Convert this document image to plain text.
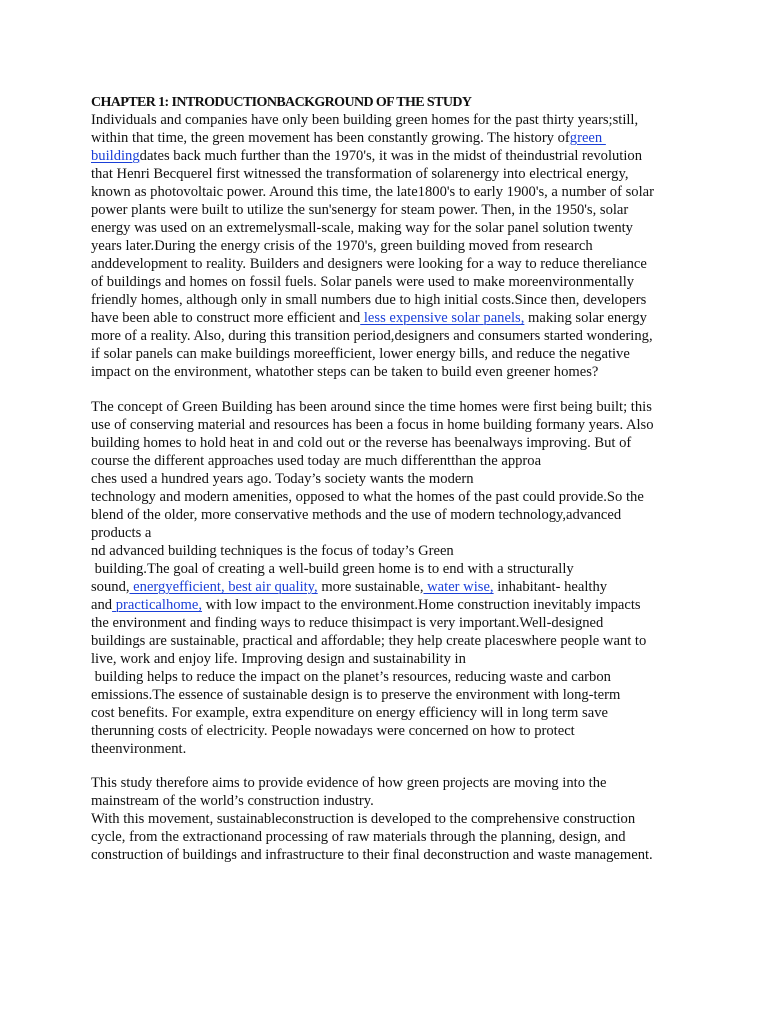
CHAPTER 1: INTRODUCTIONBACKGROUND OF THE STUDY
Individuals and companies have only been building green homes for the past thirty years;still,
within that time, the green movement has been constantly growing. The history ofgreen
buildingdates back much further than the 1970's, it was in the midst of theindustrial revolution
that Henri Becquerel first witnessed the transformation of solarenergy into electrical energy,
known as photovoltaic power. Around this time, the late1800's to early 1900's, a number of solar
power plants were built to utilize the sun'senergy for steam power. Then, in the 1950's, solar
energy was used on an extremelysmall-scale, making way for the solar panel solution twenty
years later.During the energy crisis of the 1970's, green building moved from research
anddevelopment to reality. Builders and designers were looking for a way to reduce thereliance
of buildings and homes on fossil fuels. Solar panels were used to make moreenvironmentally
friendly homes, although only in small numbers due to high initial costs.Since then, developers
have been able to construct more efficient and less expensive solar panels, making solar energy
more of a reality. Also, during this transition period,designers and consumers started wondering,
if solar panels can make buildings moreefficient, lower energy bills, and reduce the negative
impact on the environment, whatother steps can be taken to build even greener homes?
The concept of Green Building has been around since the time homes were first being built; this
use of conserving material and resources has been a focus in home building formany years. Also
building homes to hold heat in and cold out or the reverse has beenalways improving. But of
course the different approaches used today are much differentthan the approa
ches used a hundred years ago. Today’s society wants the modern
technology and modern amenities, opposed to what the homes of the past could provide.So the
blend of the older, more conservative methods and the use of modern technology,advanced
products a
nd advanced building techniques is the focus of today’s Green
building.The goal of creating a well-build green home is to end with a structurally
sound, energyefficient, best air quality, more sustainable, water wise, inhabitant- healthy
and practicalhome, with low impact to the environment.Home construction inevitably impacts
the environment and finding ways to reduce thisimpact is very important.Well-designed
buildings are sustainable, practical and affordable; they help create placeswhere people want to
live, work and enjoy life. Improving design and sustainability in
building helps to reduce the impact on the planet’s resources, reducing waste and carbon
emissions.The essence of sustainable design is to preserve the environment with long-term
cost benefits. For example, extra expenditure on energy efficiency will in long term save
therunning costs of electricity. People nowadays were concerned on how to protect
theenvironment.
This study therefore aims to provide evidence of how green projects are moving into the
mainstream of the world’s construction industry.
With this movement, sustainableconstruction is developed to the comprehensive construction
cycle, from the extractionand processing of raw materials through the planning, design, and
construction of buildings and infrastructure to their final deconstruction and waste management.
